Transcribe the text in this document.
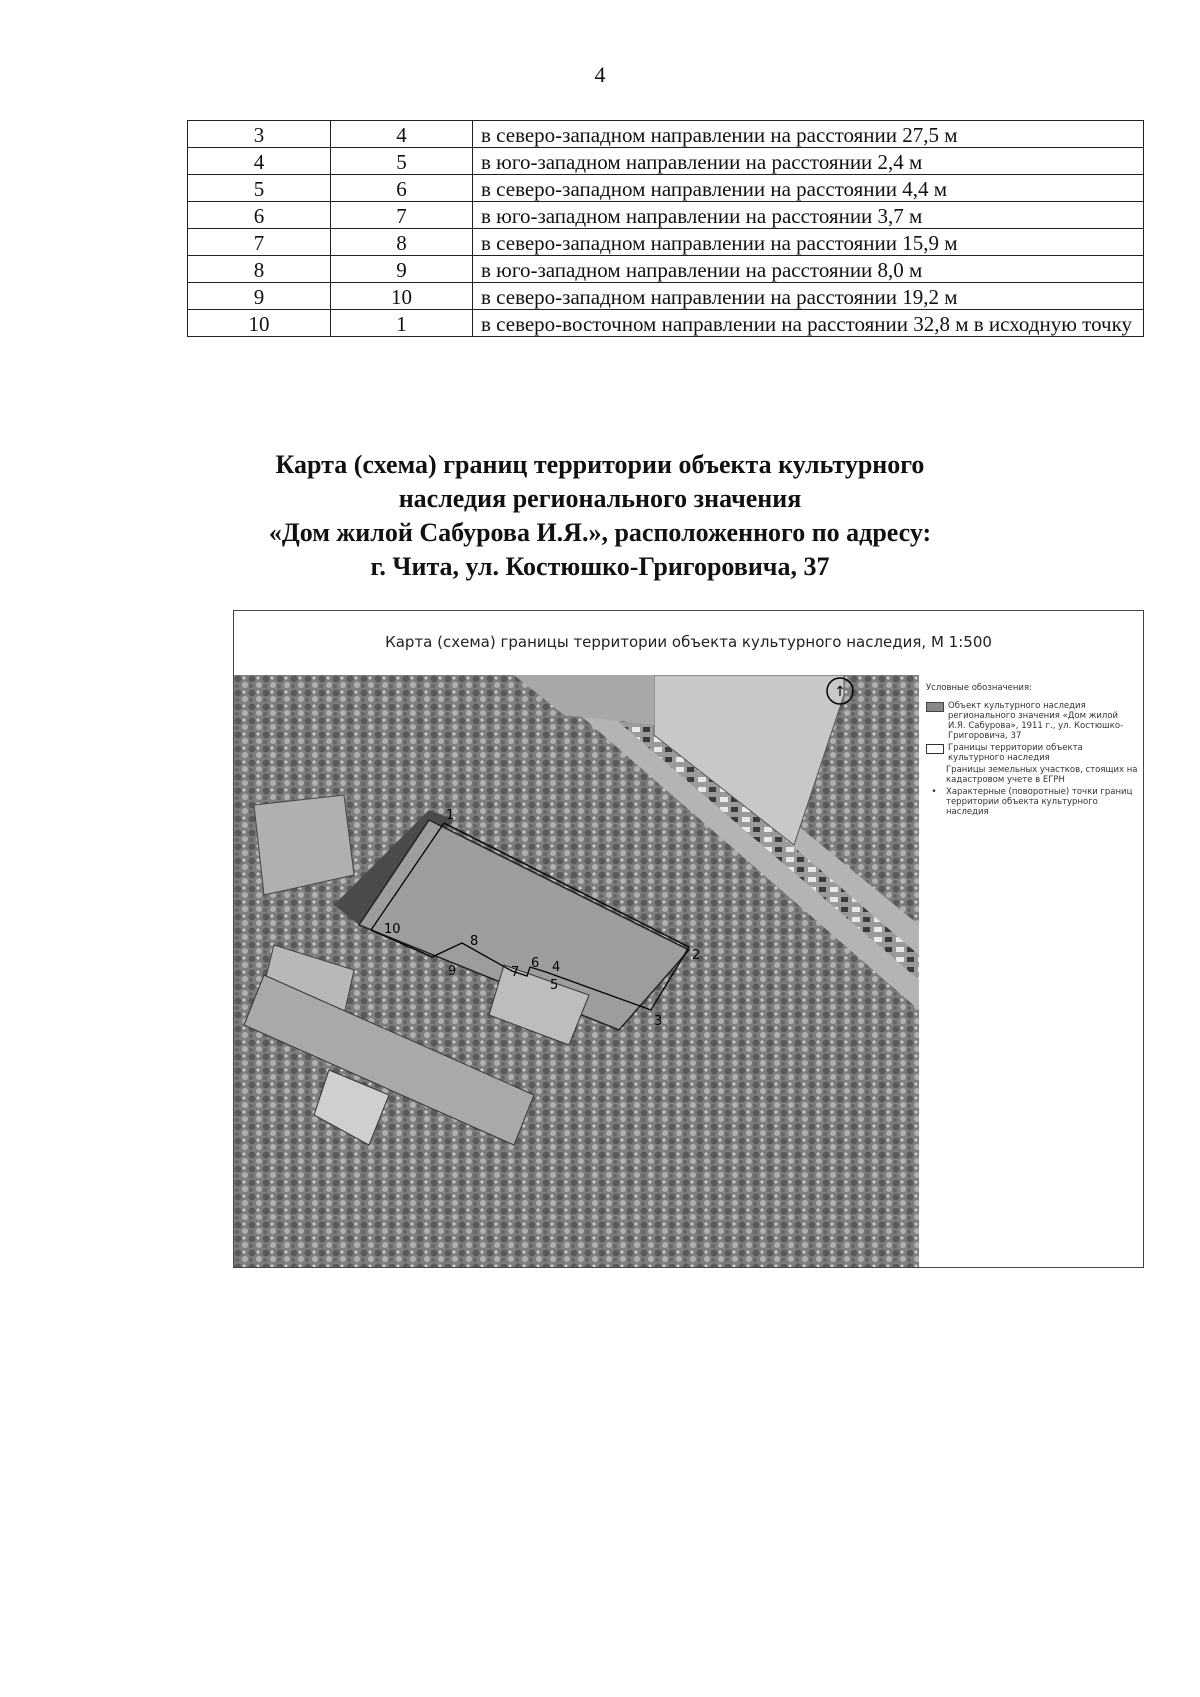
4
3	4	в северо-западном направлении на расстоянии 27,5 м
4	5	в юго-западном направлении на расстоянии 2,4 м
5	6	в северо-западном направлении на расстоянии 4,4 м
6	7	в юго-западном направлении на расстоянии 3,7 м
7	8	в северо-западном направлении на расстоянии 15,9 м
8	9	в юго-западном направлении на расстоянии 8,0 м
9	10	в северо-западном направлении на расстоянии 19,2 м
10	1	в северо-восточном направлении на расстоянии 32,8 м в исходную точку
Карта (схема) границ территории объекта культурного
наследия регионального значения
«Дом жилой Сабурова И.Я.», расположенного по адресу:
г. Чита, ул. Костюшко-Григоровича, 37
Карта (схема) границы территории объекта культурного наследия, М 1:500
↑
1
2
3
4
5
6
7
8
9
10
Условные обозначения:
Объект культурного наследия регионального значения «Дом жилой И.Я. Сабурова», 1911 г., ул. Костюшко-Григоровича, 37
Границы территории объекта культурного наследия
Границы земельных участков, стоящих на кадастровом учете в ЕГРН
•	Характерные (поворотные) точки границ территории объекта культурного наследия
